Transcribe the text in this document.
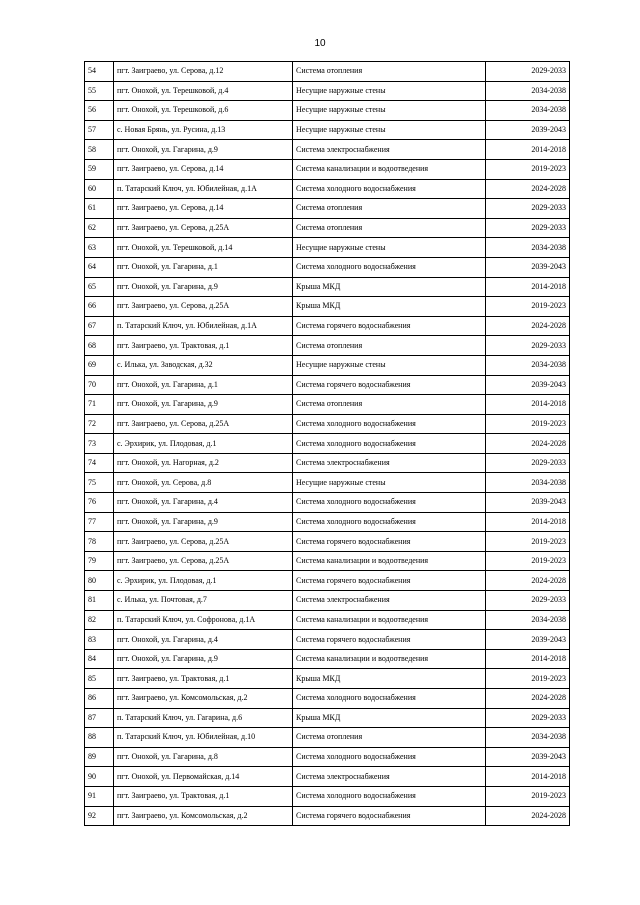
10
54	пгт. Заиграево, ул. Серова, д.12	Система отопления	2029-2033
55	пгт. Онохой, ул. Терешковой, д.4	Несущие наружные стены	2034-2038
56	пгт. Онохой, ул. Терешковой, д.6	Несущие наружные стены	2034-2038
57	с. Новая Брянь, ул. Русина, д.13	Несущие наружные стены	2039-2043
58	пгт. Онохой, ул. Гагарина, д.9	Система электроснабжения	2014-2018
59	пгт. Заиграево, ул. Серова, д.14	Система канализации и водоотведения	2019-2023
60	п. Татарский Ключ, ул. Юбилейная, д.1А	Система холодного водоснабжения	2024-2028
61	пгт. Заиграево, ул. Серова, д.14	Система отопления	2029-2033
62	пгт. Заиграево, ул. Серова, д.25А	Система отопления	2029-2033
63	пгт. Онохой, ул. Терешковой, д.14	Несущие наружные стены	2034-2038
64	пгт. Онохой, ул. Гагарина, д.1	Система холодного водоснабжения	2039-2043
65	пгт. Онохой, ул. Гагарина, д.9	Крыша МКД	2014-2018
66	пгт. Заиграево, ул. Серова, д.25А	Крыша МКД	2019-2023
67	п. Татарский Ключ, ул. Юбилейная, д.1А	Система горячего водоснабжения	2024-2028
68	пгт. Заиграево, ул. Трактовая, д.1	Система отопления	2029-2033
69	с. Илька, ул. Заводская, д.32	Несущие наружные стены	2034-2038
70	пгт. Онохой, ул. Гагарина, д.1	Система горячего водоснабжения	2039-2043
71	пгт. Онохой, ул. Гагарина, д.9	Система отопления	2014-2018
72	пгт. Заиграево, ул. Серова, д.25А	Система холодного водоснабжения	2019-2023
73	с. Эрхирик, ул. Плодовая, д.1	Система холодного водоснабжения	2024-2028
74	пгт. Онохой, ул. Нагорная, д.2	Система электроснабжения	2029-2033
75	пгт. Онохой, ул. Серова, д.8	Несущие наружные стены	2034-2038
76	пгт. Онохой, ул. Гагарина, д.4	Система холодного водоснабжения	2039-2043
77	пгт. Онохой, ул. Гагарина, д.9	Система холодного водоснабжения	2014-2018
78	пгт. Заиграево, ул. Серова, д.25А	Система горячего водоснабжения	2019-2023
79	пгт. Заиграево, ул. Серова, д.25А	Система канализации и водоотведения	2019-2023
80	с. Эрхирик, ул. Плодовая, д.1	Система горячего водоснабжения	2024-2028
81	с. Илька, ул. Почтовая, д.7	Система электроснабжения	2029-2033
82	п. Татарский Ключ, ул. Софроновa, д.1А	Система канализации и водоотведения	2034-2038
83	пгт. Онохой, ул. Гагарина, д.4	Система горячего водоснабжения	2039-2043
84	пгт. Онохой, ул. Гагарина, д.9	Система канализации и водоотведения	2014-2018
85	пгт. Заиграево, ул. Трактовая, д.1	Крыша МКД	2019-2023
86	пгт. Заиграево, ул. Комсомольская, д.2	Система холодного водоснабжения	2024-2028
87	п. Татарский Ключ, ул. Гагарина, д.6	Крыша МКД	2029-2033
88	п. Татарский Ключ, ул. Юбилейная, д.10	Система отопления	2034-2038
89	пгт. Онохой, ул. Гагарина, д.8	Система холодного водоснабжения	2039-2043
90	пгт. Онохой, ул. Первомайская, д.14	Система электроснабжения	2014-2018
91	пгт. Заиграево, ул. Трактовая, д.1	Система холодного водоснабжения	2019-2023
92	пгт. Заиграево, ул. Комсомольская, д.2	Система горячего водоснабжения	2024-2028
